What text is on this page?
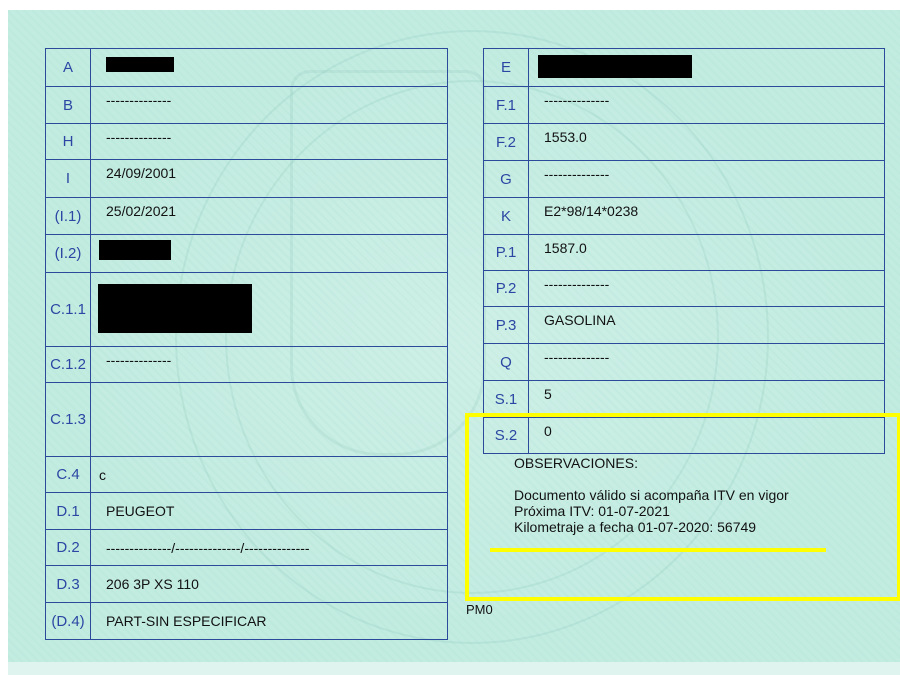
A	
B	--------------
H	--------------
I	24/09/2001
(I.1)	25/02/2021
(I.2)	
C.1.1	
C.1.2	--------------
C.1.3	
C.4	c
D.1	PEUGEOT
D.2	--------------/--------------/--------------
D.3	206 3P XS 110
(D.4)	PART-SIN ESPECIFICAR
E	
F.1	--------------
F.2	1553.0
G	--------------
K	E2*98/14*0238
P.1	1587.0
P.2	--------------
P.3	GASOLINA
Q	--------------
S.1	5
S.2	0
OBSERVACIONES:
Documento válido si acompaña ITV en vigor
Próxima ITV: 01-07-2021
Kilometraje a fecha 01-07-2020: 56749
PM0
